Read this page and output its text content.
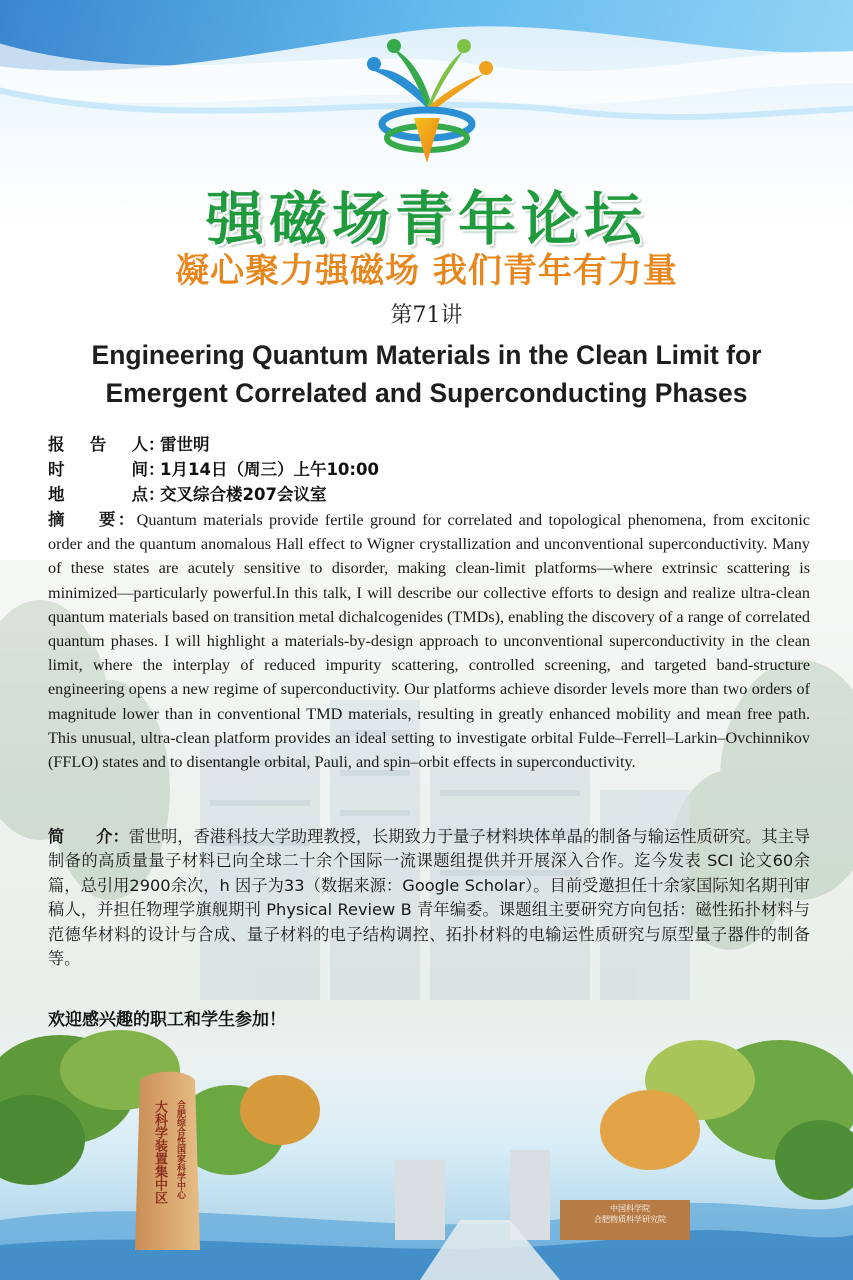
大科学装置集中区 合肥综合性国家科学中心
中国科学院
合肥物质科学研究院
强磁场青年论坛
凝心聚力强磁场 我们青年有力量
第71讲
Engineering Quantum Materials in the Clean Limit for
Emergent Correlated and Superconducting Phases
报告人：雷世明
时间：1月14日（周三）上午10:00
地点：交叉综合楼207会议室
摘要：Quantum materials provide fertile ground for correlated and topological phenomena, from excitonic order and the quantum anomalous Hall effect to Wigner crystallization and unconventional superconductivity. Many of these states are acutely sensitive to disorder, making clean-limit platforms—where extrinsic scattering is minimized—particularly powerful.In this talk, I will describe our collective efforts to design and realize ultra-clean quantum materials based on transition metal dichalcogenides (TMDs), enabling the discovery of a range of correlated quantum phases. I will highlight a materials-by-design approach to unconventional superconductivity in the clean limit, where the interplay of reduced impurity scattering, controlled screening, and targeted band-structure engineering opens a new regime of superconductivity. Our platforms achieve disorder levels more than two orders of magnitude lower than in conventional TMD materials, resulting in greatly enhanced mobility and mean free path. This unusual, ultra-clean platform provides an ideal setting to investigate orbital Fulde–Ferrell–Larkin–Ovchinnikov (FFLO) states and to disentangle orbital, Pauli, and spin–orbit effects in superconductivity.
简介：雷世明，香港科技大学助理教授，长期致力于量子材料块体单晶的制备与输运性质研究。其主导制备的高质量量子材料已向全球二十余个国际一流课题组提供并开展深入合作。迄今发表 SCI 论文60余篇，总引用2900余次，h 因子为33（数据来源：Google Scholar）。目前受邀担任十余家国际知名期刊审稿人，并担任物理学旗舰期刊 Physical Review B 青年编委。课题组主要研究方向包括：磁性拓扑材料与范德华材料的设计与合成、量子材料的电子结构调控、拓扑材料的电输运性质研究与原型量子器件的制备等。
欢迎感兴趣的职工和学生参加！
